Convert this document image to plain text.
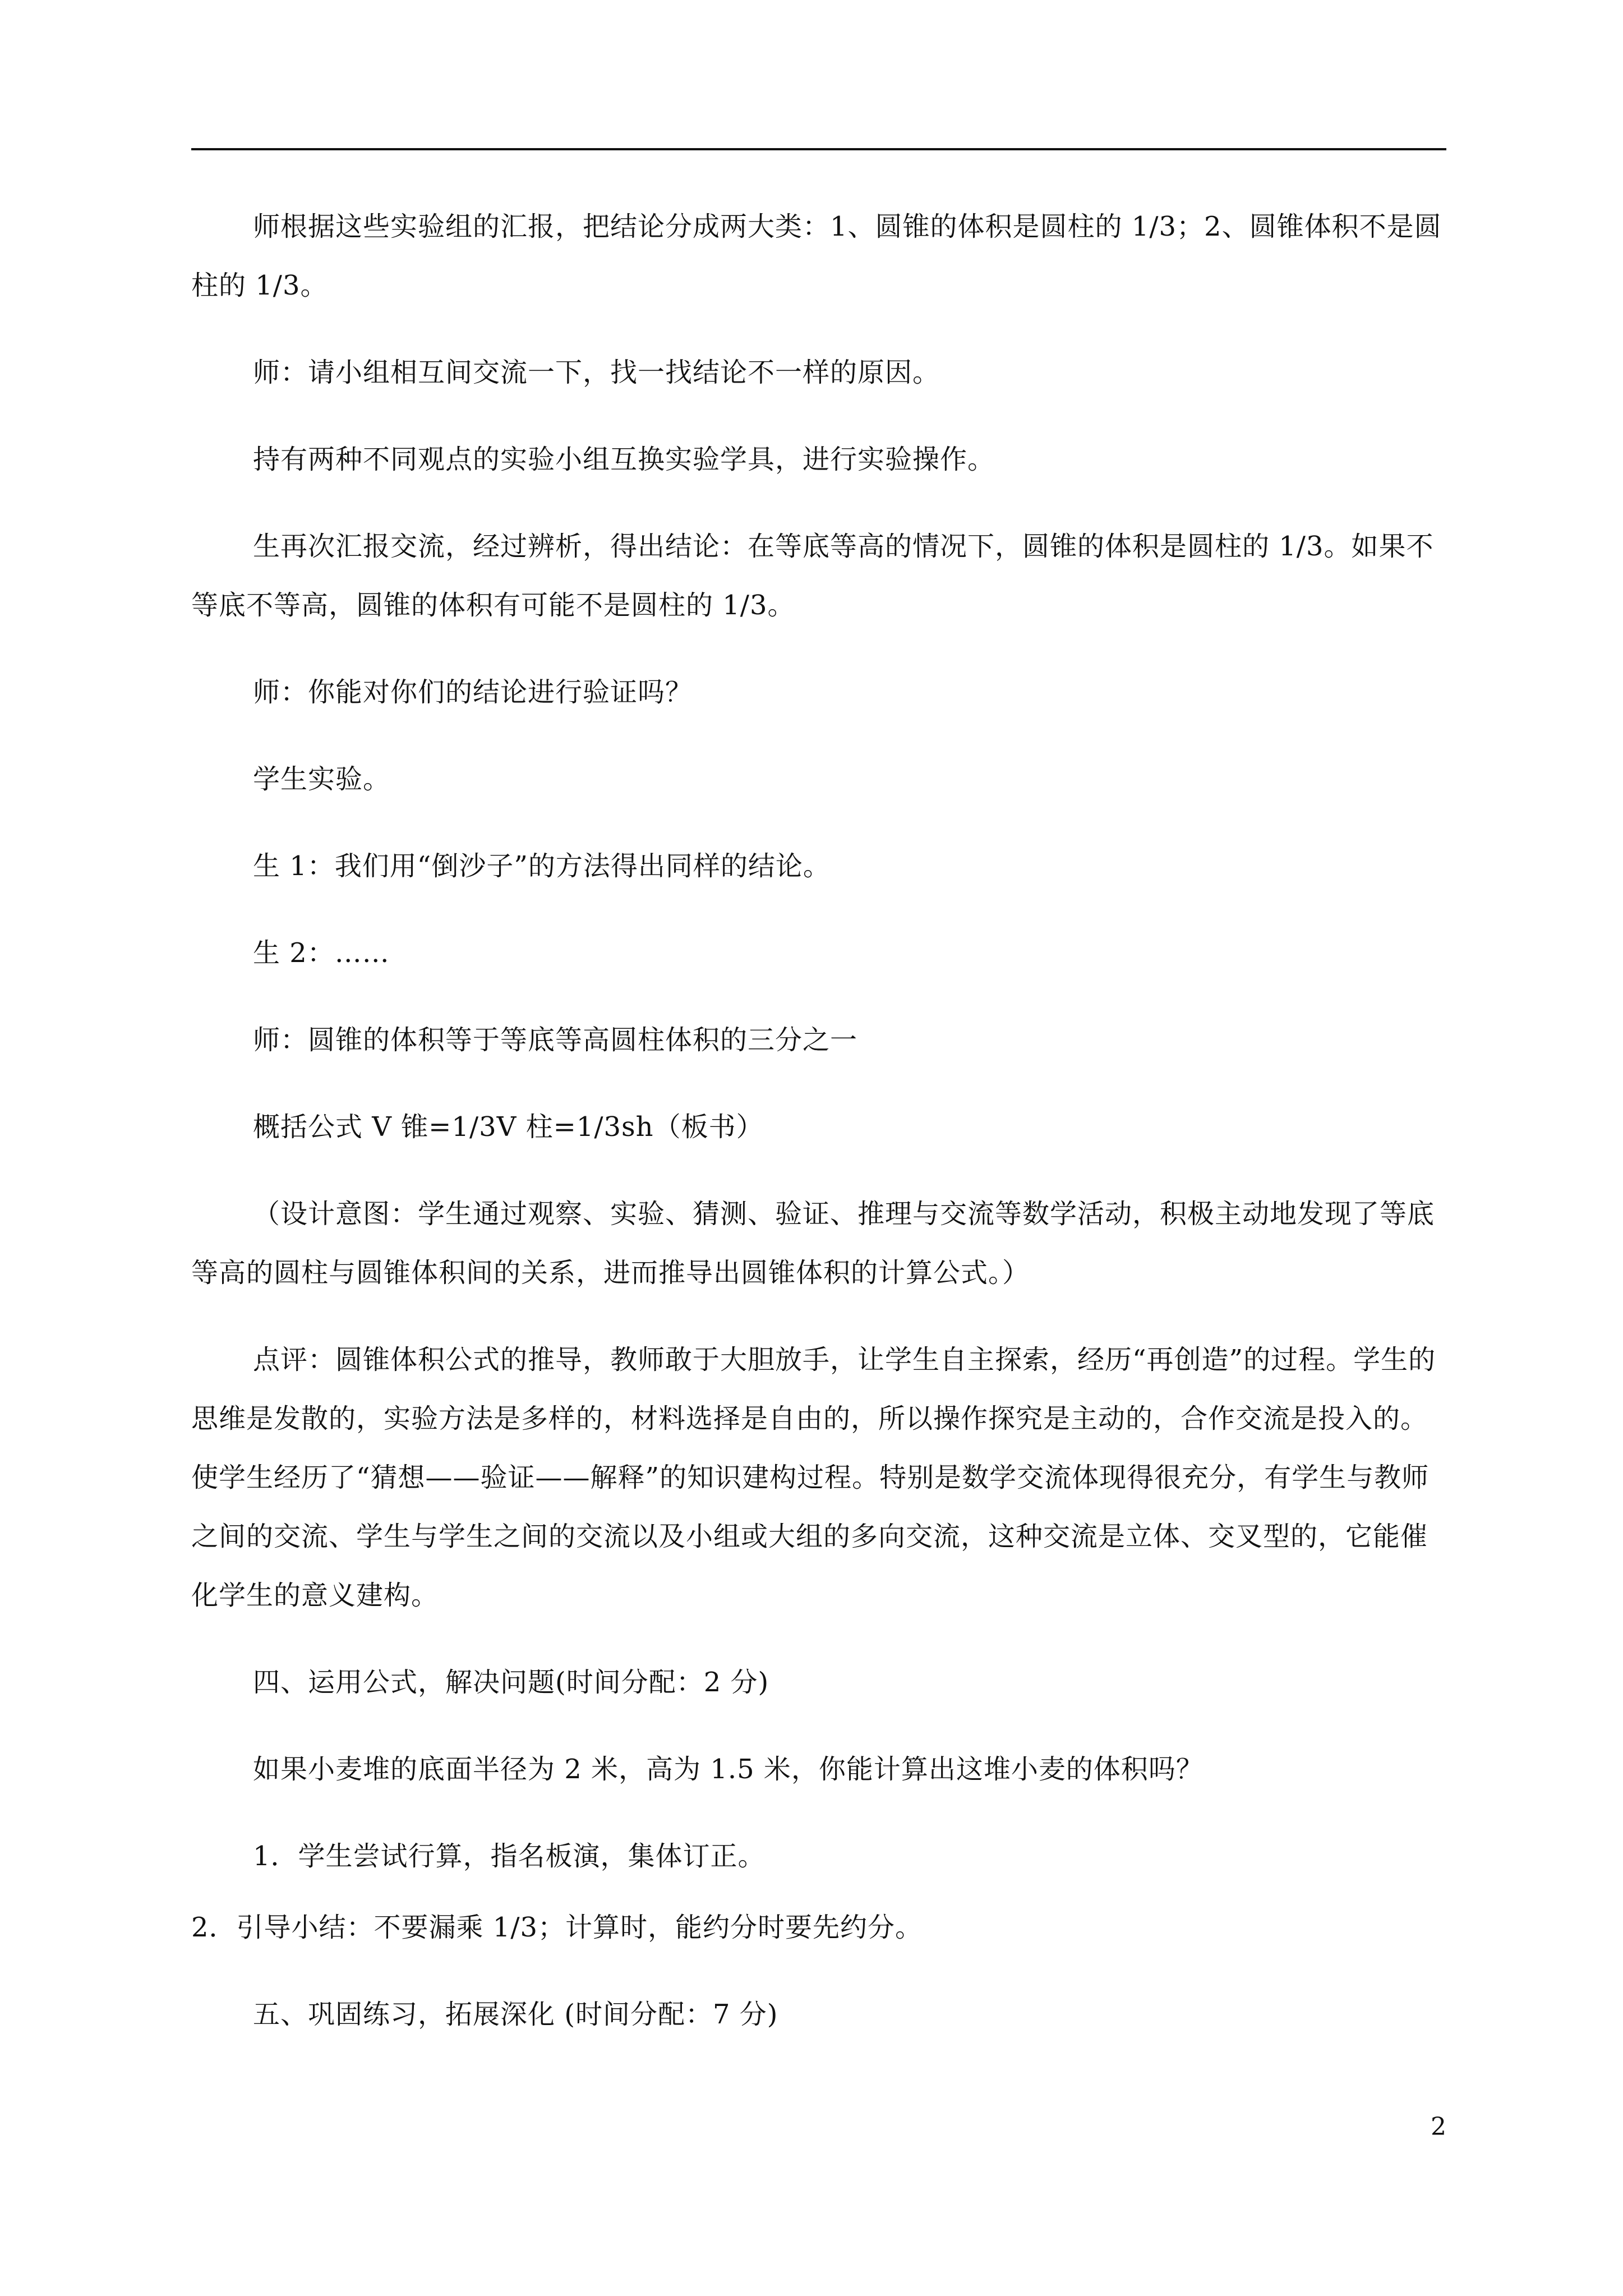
师根据这些实验组的汇报，把结论分成两大类：1、圆锥的体积是圆柱的 1/3；2、圆锥体积不是圆柱的 1/3。

师：请小组相互间交流一下，找一找结论不一样的原因。

持有两种不同观点的实验小组互换实验学具，进行实验操作。

生再次汇报交流，经过辨析，得出结论：在等底等高的情况下，圆锥的体积是圆柱的 1/3。如果不等底不等高，圆锥的体积有可能不是圆柱的 1/3。

师：你能对你们的结论进行验证吗？

学生实验。

生 1：我们用“倒沙子”的方法得出同样的结论。

生 2：……

师：圆锥的体积等于等底等高圆柱体积的三分之一

概括公式 V 锥=1/3V 柱=1/3sh（板书）

（设计意图：学生通过观察、实验、猜测、验证、推理与交流等数学活动，积极主动地发现了等底等高的圆柱与圆锥体积间的关系，进而推导出圆锥体积的计算公式。）

点评：圆锥体积公式的推导，教师敢于大胆放手，让学生自主探索，经历“再创造”的过程。学生的思维是发散的，实验方法是多样的，材料选择是自由的，所以操作探究是主动的，合作交流是投入的。使学生经历了“猜想——验证——解释”的知识建构过程。特别是数学交流体现得很充分，有学生与教师之间的交流、学生与学生之间的交流以及小组或大组的多向交流，这种交流是立体、交叉型的，它能催化学生的意义建构。

四、运用公式，解决问题(时间分配：2 分)

如果小麦堆的底面半径为 2 米，高为 1.5 米，你能计算出这堆小麦的体积吗？

1．学生尝试行算，指名板演，集体订正。

2．引导小结：不要漏乘 1/3；计算时，能约分时要先约分。

五、巩固练习，拓展深化 (时间分配：7 分)

2
